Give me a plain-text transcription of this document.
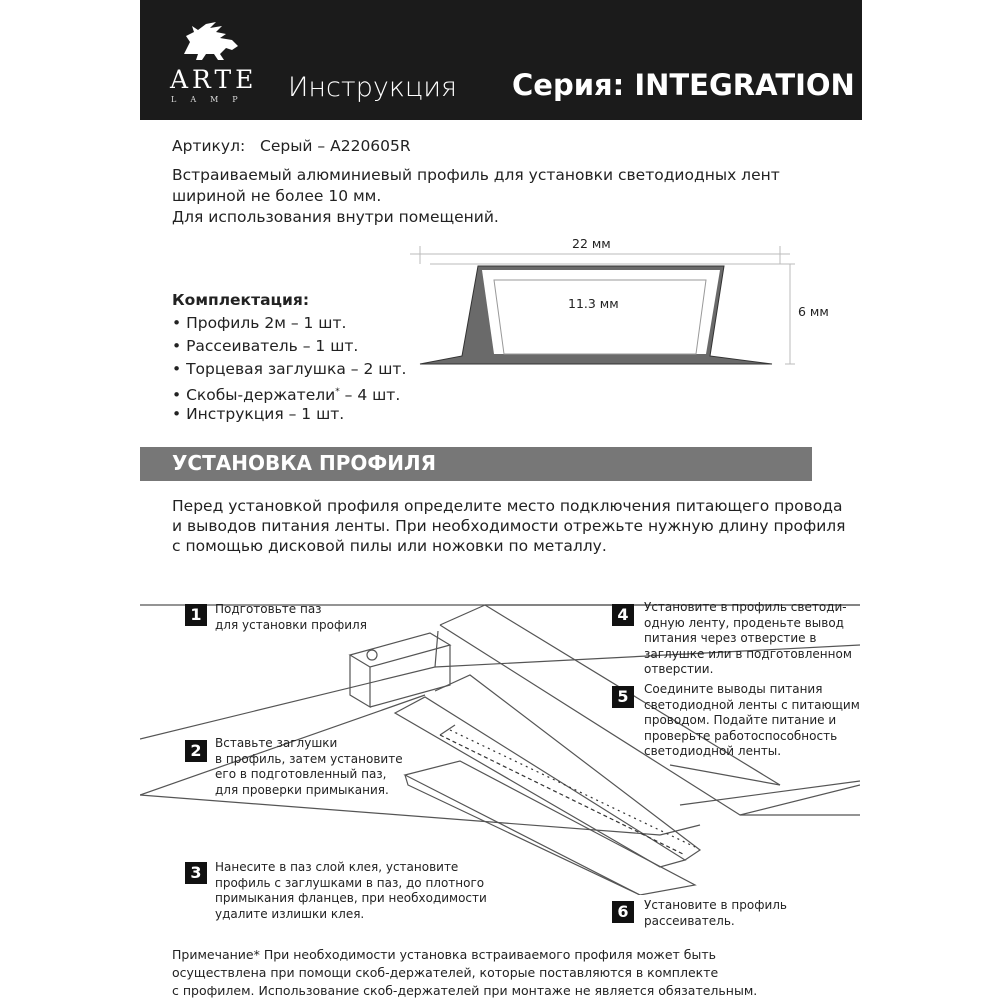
ARTE
LAMP Инструкция Серия: INTEGRATION
Артикул: Серый – A220605R
Встраиваемый алюминиевый профиль для установки светодиодных лент
шириной не более 10 мм.
Для использования внутри помещений.
Комплектация:
• Профиль 2м – 1 шт.
• Рассеиватель – 1 шт.
• Торцевая заглушка – 2 шт.
• Скобы-держатели* – 4 шт.
• Инструкция – 1 шт.
22 мм
11.3 мм
6 мм
УСТАНОВКА ПРОФИЛЯ
Перед установкой профиля определите место подключения питающего провода
и выводов питания ленты. При необходимости отрежьте нужную длину профиля
с помощью дисковой пилы или ножовки по металлу.
1	Подготовьте паз
для установки профиля
2	Вставьте заглушки
в профиль, затем установите
его в подготовленный паз,
для проверки примыкания.
3	Нанесите в паз слой клея, установите
профиль с заглушками в паз, до плотного
примыкания фланцев, при необходимости
удалите излишки клея.
4	Установите в профиль светоди-
одную ленту, проденьте вывод
питания через отверстие в
заглушке или в подготовленном
отверстии.
5	Соедините выводы питания
светодиодной ленты с питающим
проводом. Подайте питание и
проверьте работоспособность
светодиодной ленты.
6	Установите в профиль
рассеиватель.
Примечание* При необходимости установка встраиваемого профиля может быть
осуществлена при помощи скоб-держателей, которые поставляются в комплекте
с профилем. Использование скоб-держателей при монтаже не является обязательным.
